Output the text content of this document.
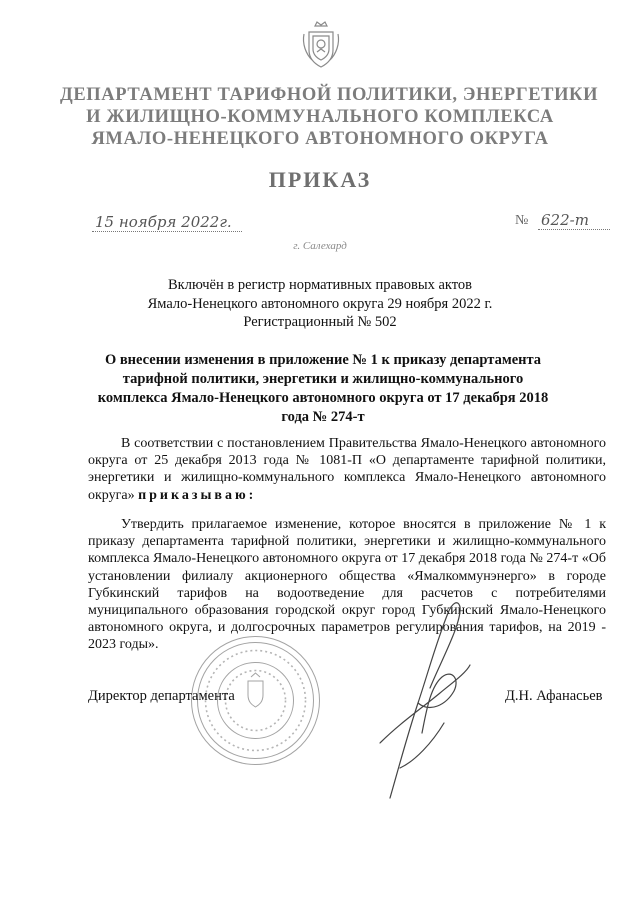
ДЕПАРТАМЕНТ ТАРИФНОЙ ПОЛИТИКИ, ЭНЕРГЕТИКИ
И ЖИЛИЩНО-КОММУНАЛЬНОГО КОМПЛЕКСА
ЯМАЛО-НЕНЕЦКОГО АВТОНОМНОГО ОКРУГА
ПРИКАЗ
15 ноября 2022г.	№ 622-т
г. Салехард
Включён в регистр нормативных правовых актов
Ямало-Ненецкого автономного округа 29 ноября 2022 г.
Регистрационный № 502
О внесении изменения в приложение № 1 к приказу департамента тарифной политики, энергетики и жилищно-коммунального комплекса Ямало-Ненецкого автономного округа от 17 декабря 2018 года № 274-т
В соответствии с постановлением Правительства Ямало-Ненецкого автономного округа от 25 декабря 2013 года № 1081-П «О департаменте тарифной политики, энергетики и жилищно-коммунального комплекса Ямало-Ненецкого автономного округа» приказываю:
Утвердить прилагаемое изменение, которое вносятся в приложение № 1 к приказу департамента тарифной политики, энергетики и жилищно-коммунального комплекса Ямало-Ненецкого автономного округа от 17 декабря 2018 года № 274-т «Об установлении филиалу акционерного общества «Ямалкоммунэнерго» в городе Губкинский тарифов на водоотведение для расчетов с потребителями муниципального образования городской округ город Губкинский Ямало-Ненецкого автономного округа, и долгосрочных параметров регулирования тарифов, на 2019 - 2023 годы».
Директор департамента	Д.Н. Афанасьев
